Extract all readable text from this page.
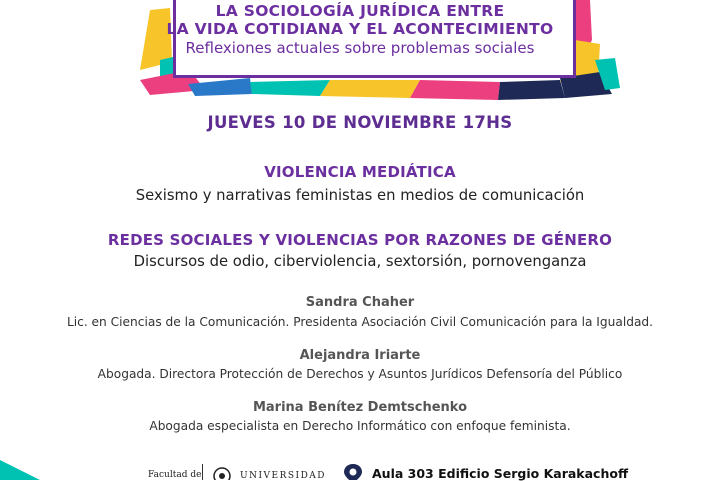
LA SOCIOLOGÍA JURÍDICA ENTRE
LA VIDA COTIDIANA Y EL ACONTECIMIENTO
Reflexiones actuales sobre problemas sociales
JUEVES 10 DE NOVIEMBRE 17HS
VIOLENCIA MEDIÁTICA
Sexismo y narrativas feministas en medios de comunicación
REDES SOCIALES Y VIOLENCIAS POR RAZONES DE GÉNERO
Discursos de odio, ciberviolencia, sextorsión, pornovenganza
Sandra Chaher
Lic. en Ciencias de la Comunicación. Presidenta Asociación Civil Comunicación para la Igualdad.
Alejandra Iriarte
Abogada. Directora Protección de Derechos y Asuntos Jurídicos Defensoría del Público
Marina Benítez Demtschenko
Abogada especialista en Derecho Informático con enfoque feminista.
Facultad de	UNIVERSIDAD	Aula 303 Edificio Sergio Karakachoff
